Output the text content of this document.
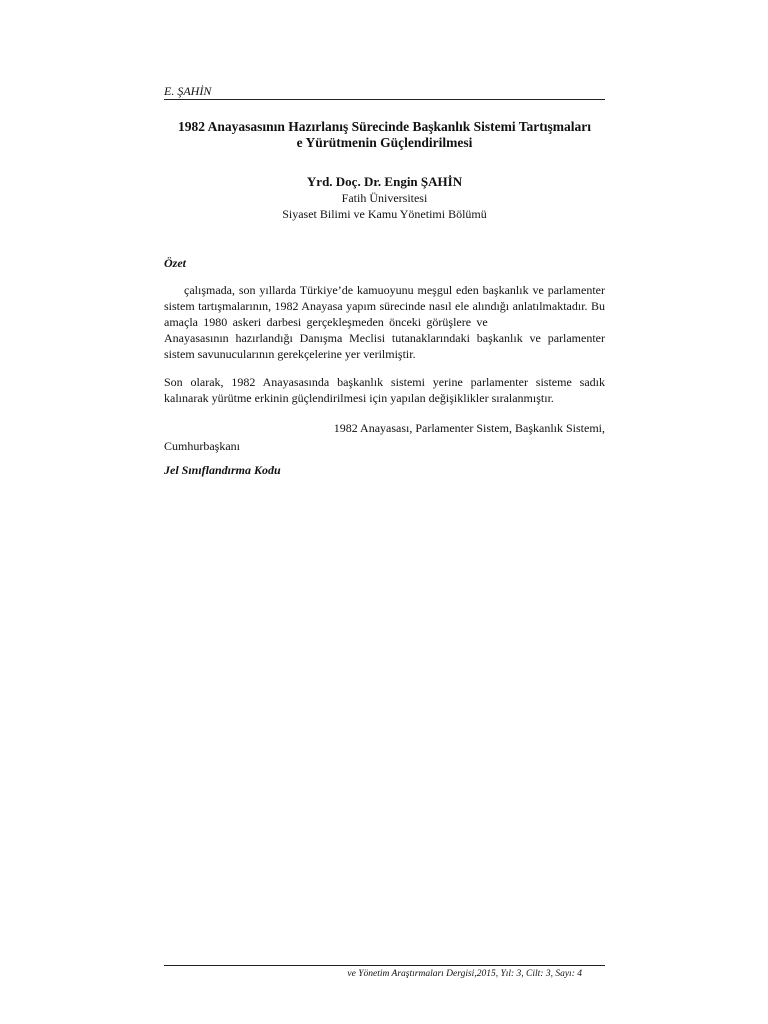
E. ŞAHİN
1982 Anayasasının Hazırlanış Sürecinde Başkanlık Sistemi Tartışmaları
e Yürütmenin Güçlendirilmesi
Yrd. Doç. Dr. Engin ŞAHİN
Fatih Üniversitesi
Siyaset Bilimi ve Kamu Yönetimi Bölümü
Özet
çalışmada, son yıllarda Türkiye’de kamuoyunu meşgul eden başkanlık ve parlamenter sistem tartışmalarının, 1982 Anayasa yapım sürecinde nasıl ele alındığı anlatılmaktadır. Bu amaçla 1980 askeri darbesi gerçekleşmeden önceki görüşlere ve Anayasasının hazırlandığı Danışma Meclisi tutanaklarındaki başkanlık ve parlamenter sistem savunucularının gerekçelerine yer verilmiştir.
Son olarak, 1982 Anayasasında başkanlık sistemi yerine parlamenter sisteme sadık kalınarak yürütme erkinin güçlendirilmesi için yapılan değişiklikler sıralanmıştır.
1982 Anayasası, Parlamenter Sistem, Başkanlık Sistemi,
Cumhurbaşkanı
Jel Sınıflandırma Kodu
ve Yönetim Araştırmaları Dergisi,2015, Yıl: 3, Cilt: 3, Sayı: 4
